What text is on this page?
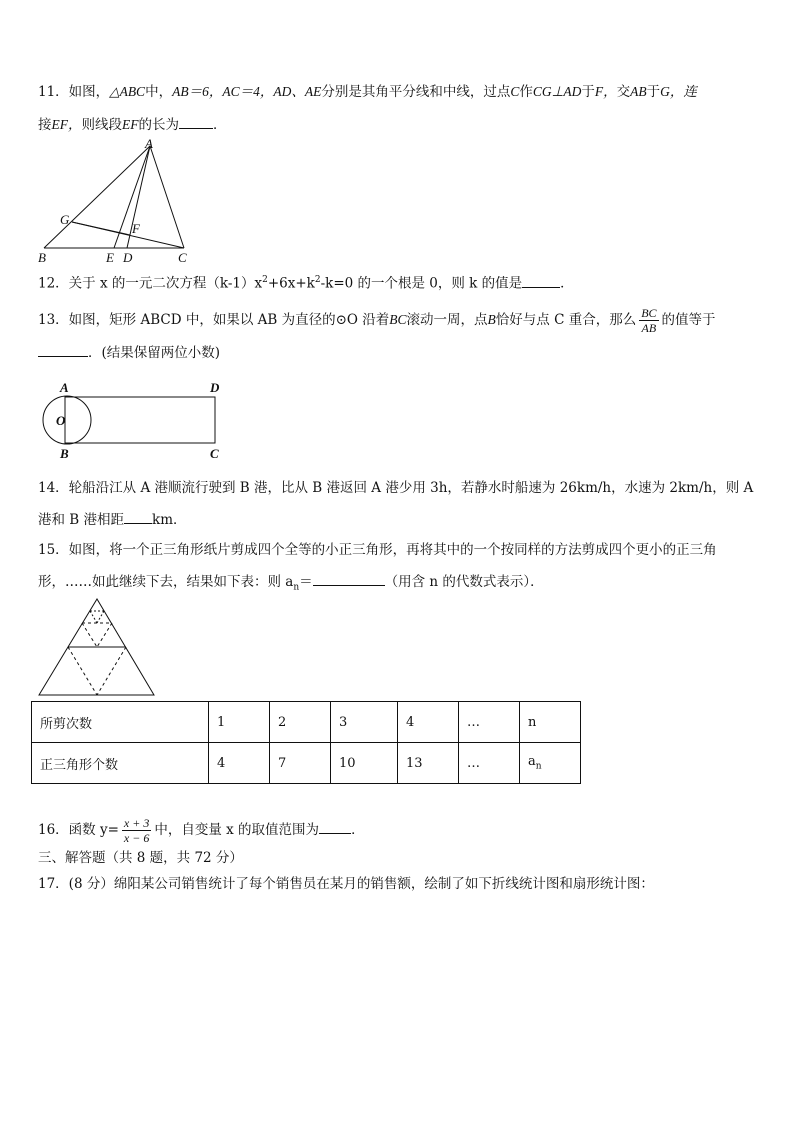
11．如图，△ABC中，AB＝6，AC＝4，AD、AE分别是其角平分线和中线，过点C作CG⊥AD于F，交AB于G，连
接EF，则线段EF的长为	．
A
G
F
B	E D	C
12．关于 x 的一元二次方程$(k-1)x^2+6x+k^2-k=0$ 的一个根是 0，则 k 的值是	．
13．如图，矩形 ABCD 中，如果以 AB 为直径的⊙O 沿着BC滚动一周，点B恰好与点 C 重合，那么 $\frac{BC}{AB}$ 的值等于
．(结果保留两位小数)
A	D
O
B	C
14．轮船沿江从 A 港顺流行驶到 B 港，比从 B 港返回 A 港少用 3h，若静水时船速为 26km/h，水速为 2km/h，则 A
港和 B 港相距 km．
15．如图，将一个正三角形纸片剪成四个全等的小正三角形，再将其中的一个按同样的方法剪成四个更小的正三角
形，……如此继续下去，结果如下表：则 $a_n=$	（用含 n 的代数式表示）．
所剪次数	1	2	3	4	…	n
正三角形个数	4	7	10	13	…	$a_n$
16．函数 $y= \frac{x + 3}{x - 6}$ 中，自变量 x 的取值范围为 ．
三、解答题（共 8 题，共 72 分）
17．(8 分）绵阳某公司销售统计了每个销售员在某月的销售额，绘制了如下折线统计图和扇形统计图：
